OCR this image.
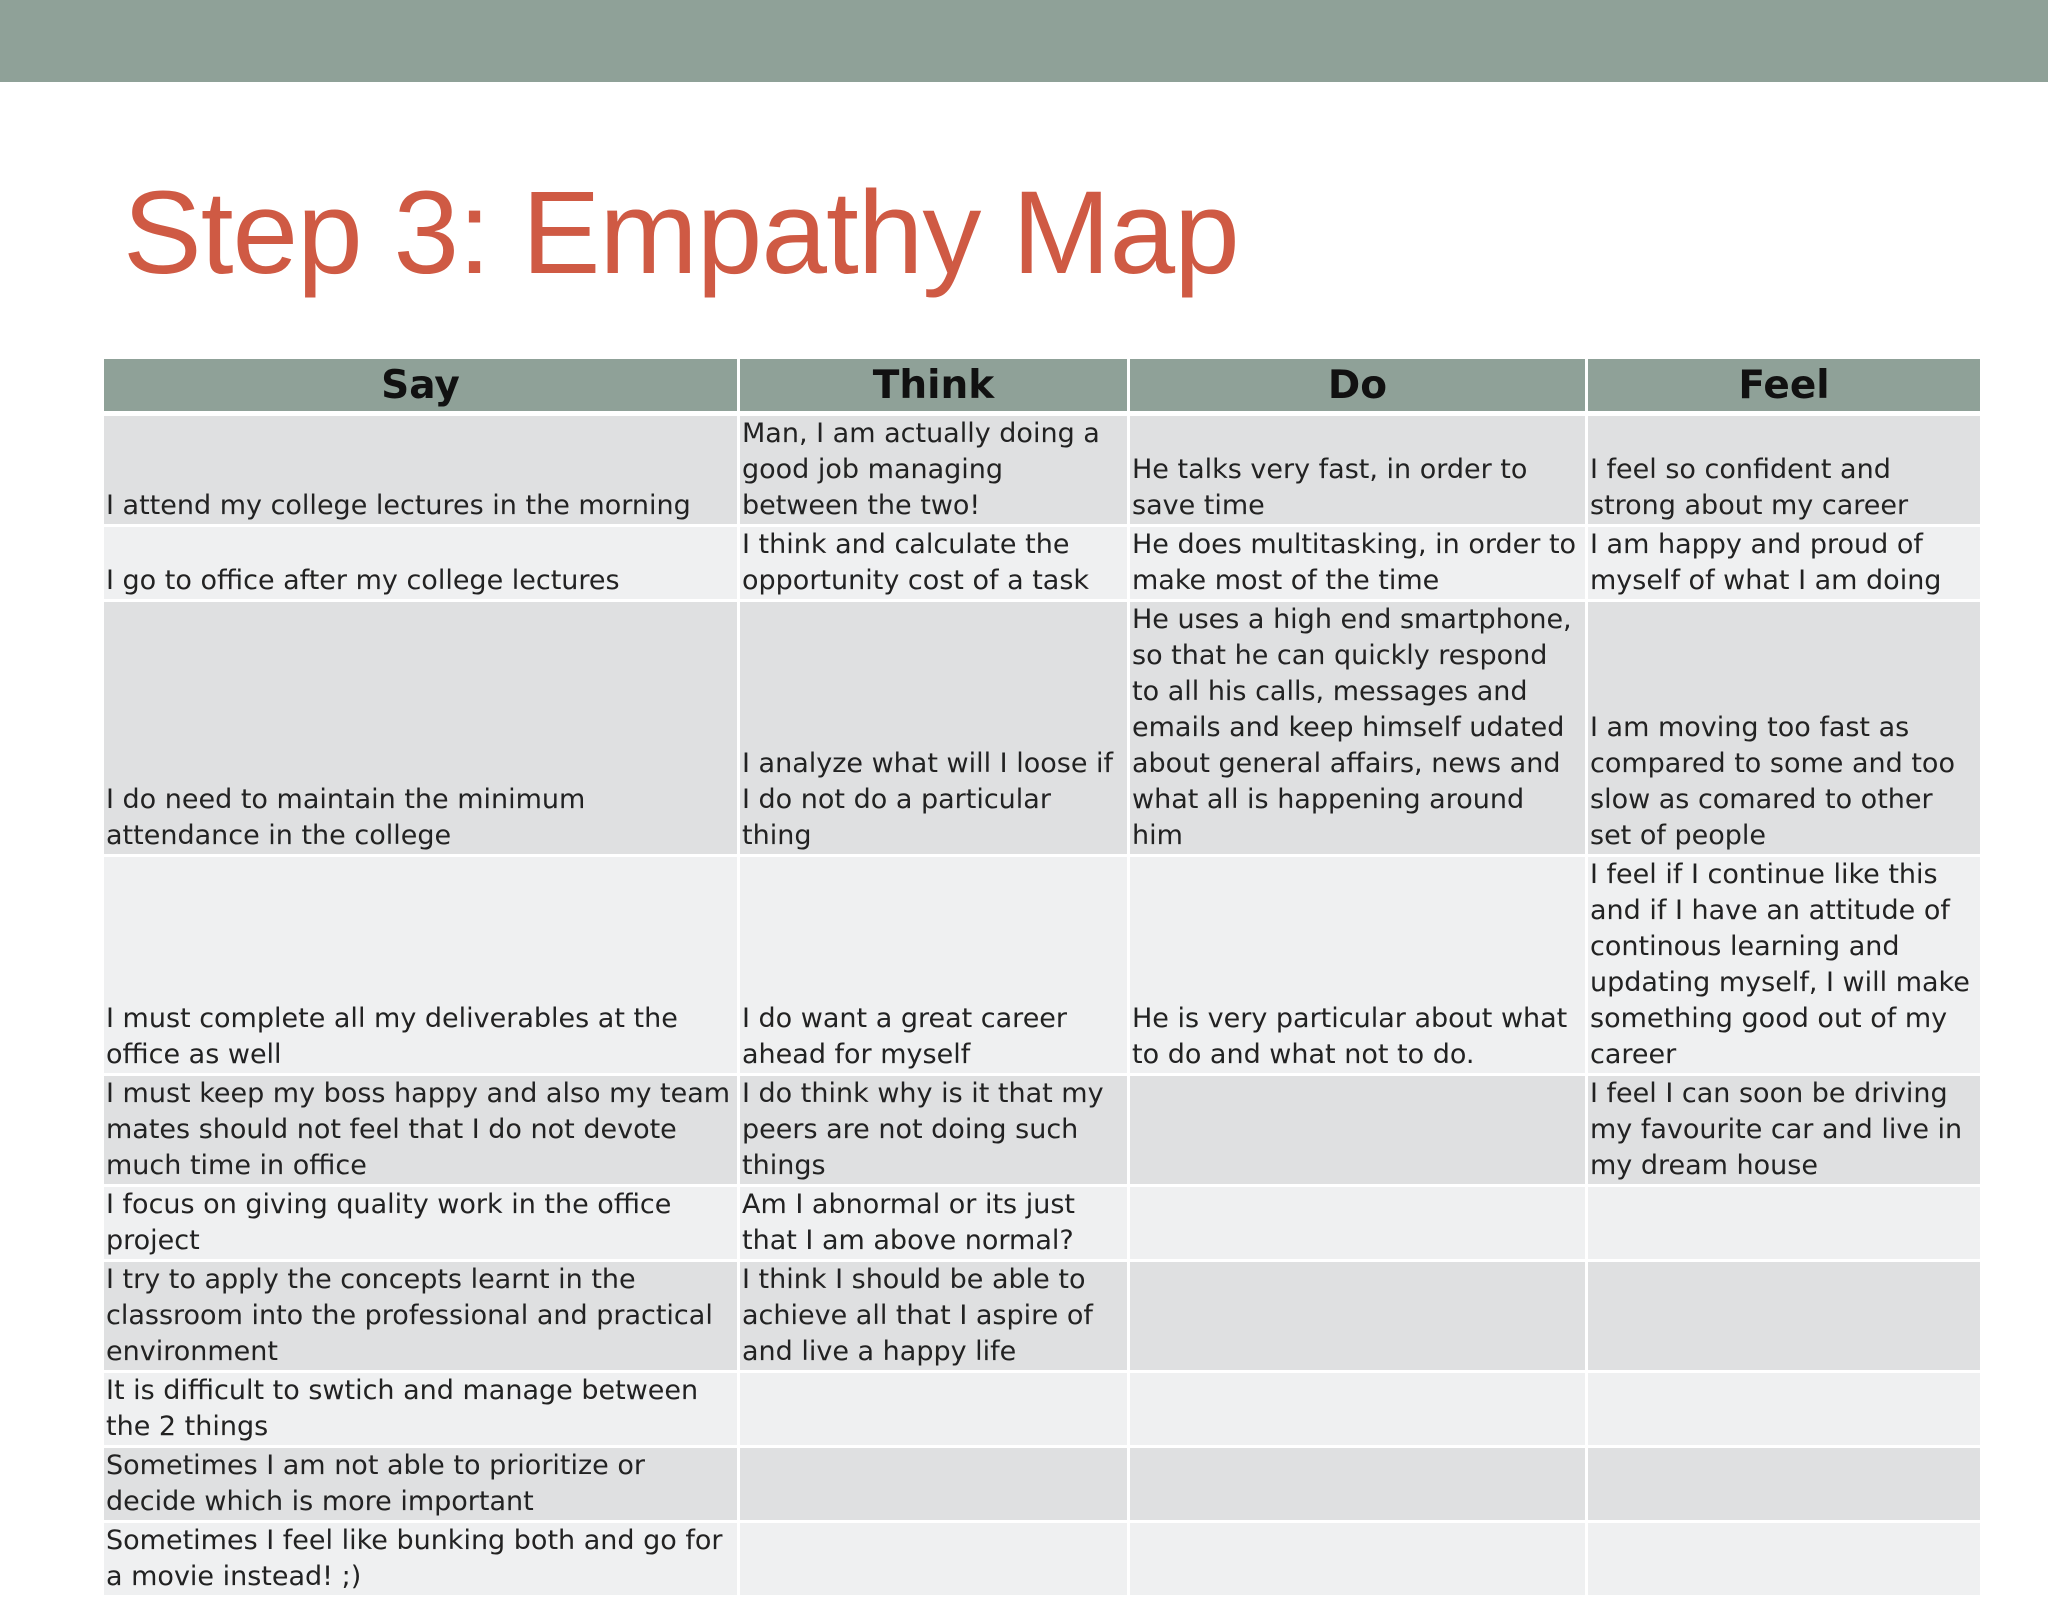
Step 3: Empathy Map
Say	Think	Do	Feel
I attend my college lectures in the morning	Man, I am actually doing a good job managing between the two!	He talks very fast, in order to save time	I feel so confident and strong about my career
I go to office after my college lectures	I think and calculate the opportunity cost of a task	He does multitasking, in order to make most of the time	I am happy and proud of myself of what I am doing
I do need to maintain the minimum attendance in the college	I analyze what will I loose if I do not do a particular thing	He uses a high end smartphone, so that he can quickly respond to all his calls, messages and emails and keep himself udated about general affairs, news and what all is happening around him	I am moving too fast as compared to some and too slow as comared to other set of people
I must complete all my deliverables at the office as well	I do want a great career ahead for myself	He is very particular about what to do and what not to do.	I feel if I continue like this and if I have an attitude of continous learning and updating myself, I will make something good out of my career
I must keep my boss happy and also my team mates should not feel that I do not devote much time in office	I do think why is it that my peers are not doing such things		I feel I can soon be driving my favourite car and live in my dream house
I focus on giving quality work in the office project	Am I abnormal or its just that I am above normal?		
I try to apply the concepts learnt in the classroom into the professional and practical environment	I think I should be able to achieve all that I aspire of and live a happy life		
It is difficult to swtich and manage between the 2 things			
Sometimes I am not able to prioritize or decide which is more important			
Sometimes I feel like bunking both and go for a movie instead! ;)			
